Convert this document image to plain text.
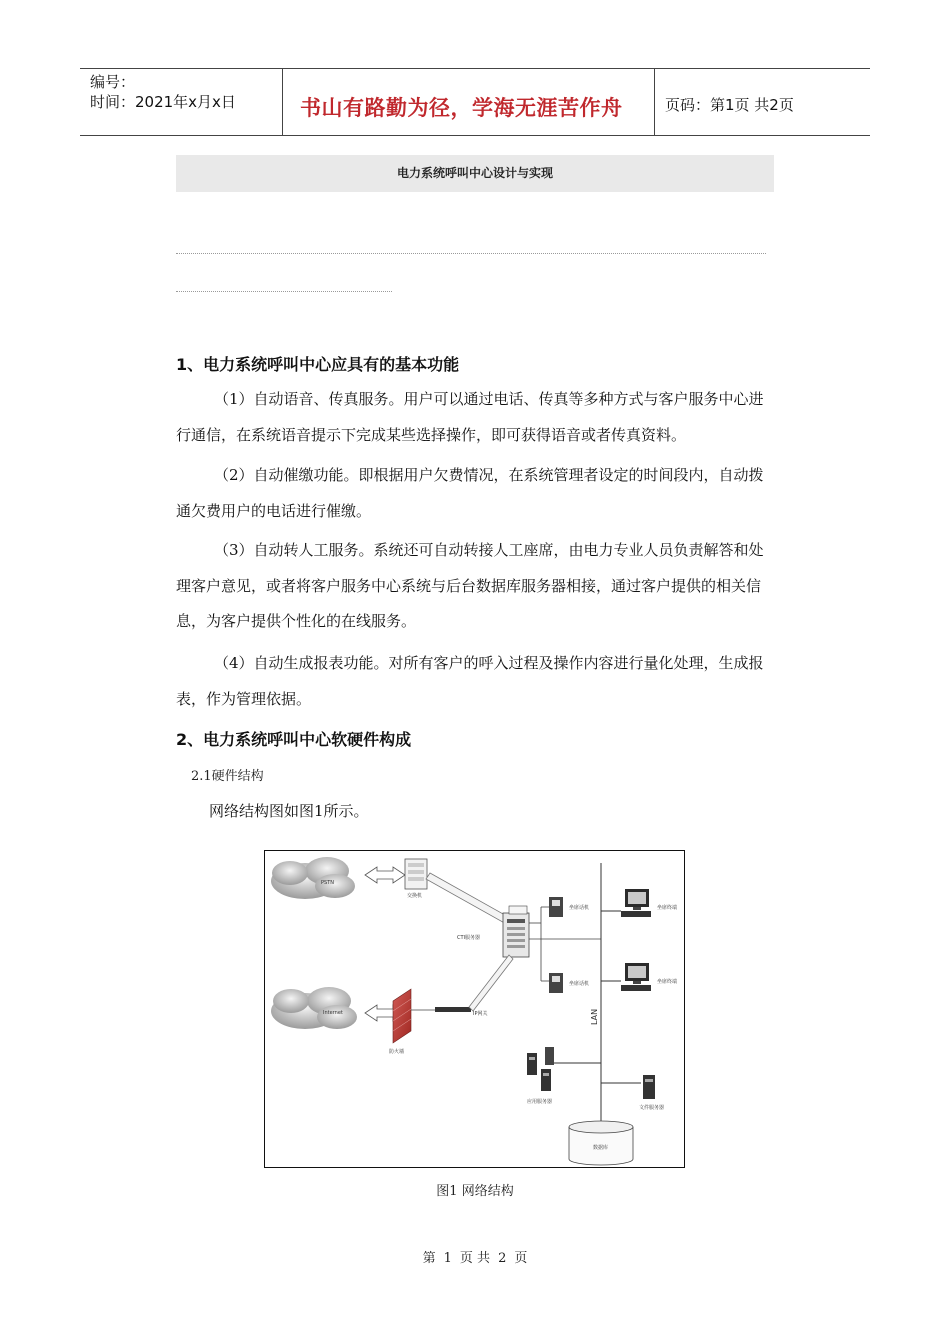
编号：
时间：2021年x月x日	书山有路勤为径，学海无涯苦作舟	页码：第1页 共2页
电力系统呼叫中心设计与实现
1、电力系统呼叫中心应具有的基本功能
（1）自动语音、传真服务。用户可以通过电话、传真等多种方式与客户服务中心进行通信，在系统语音提示下完成某些选择操作，即可获得语音或者传真资料。
（2）自动催缴功能。即根据用户欠费情况，在系统管理者设定的时间段内，自动拨通欠费用户的电话进行催缴。
（3）自动转人工服务。系统还可自动转接人工座席，由电力专业人员负责解答和处理客户意见，或者将客户服务中心系统与后台数据库服务器相接，通过客户提供的相关信息，为客户提供个性化的在线服务。
（4）自动生成报表功能。对所有客户的呼入过程及操作内容进行量化处理，生成报表，作为管理依据。
2、电力系统呼叫中心软硬件构成
2.1硬件结构
网络结构图如图1所示。
PSTN
Internet
交换机
CTI服务器
坐席话机
坐席话机
LAN
坐席终端
坐席终端
防火墙
IP网关
应用服务器
文件服务器
数据库
图1 网络结构
第 1 页 共 2 页
